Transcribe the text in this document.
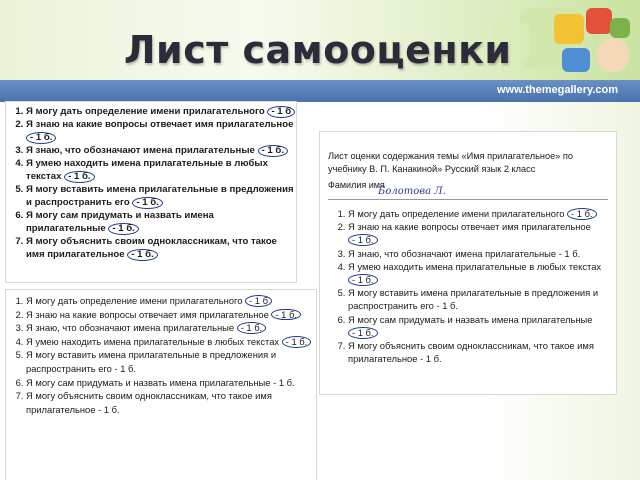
Лист самооценки
www.themegallery.com
1. Я могу дать определение имени прилагательного - 1 б
2. Я знаю на какие вопросы отвечает имя прилагательное - 1 б.
3. Я знаю, что обозначают имена прилагательные - 1 б.
4. Я умею находить имена прилагательные в любых текстах - 1 б.
5. Я могу вставить имена прилагательные в предложения и распространить его - 1 б.
6. Я могу сам придумать и назвать имена прилагательные - 1 б.
7. Я могу объяснить своим одноклассникам, что такое имя прилагательное - 1 б.
1. Я могу дать определение имени прилагательного - 1 б
2. Я знаю на какие вопросы отвечает имя прилагательное - 1 б.
3. Я знаю, что обозначают имена прилагательные - 1 б.
4. Я умею находить имена прилагательные в любых текстах - 1 б.
5. Я могу вставить имена прилагательные в предложения и распространить его - 1 б.
6. Я могу сам придумать и назвать имена прилагательные - 1 б.
7. Я могу объяснить своим одноклассникам, что такое имя прилагательное - 1 б.
Лист оценки содержания темы «Имя прилагательное» по учебнику В. П. Канакиной» Русский язык 2 класс
Фамилия имя
Болотова Л.
1. Я могу дать определение имени прилагательного - 1 б.
2. Я знаю на какие вопросы отвечает имя прилагательное - 1 б.
3. Я знаю, что обозначают имена прилагательные - 1 б.
4. Я умею находить имена прилагательные в любых текстах - 1 б.
5. Я могу вставить имена прилагательные в предложения и распространить его - 1 б.
6. Я могу сам придумать и назвать имена прилагательные - 1 б.
7. Я могу объяснить своим одноклассникам, что такое имя прилагательное - 1 б.
